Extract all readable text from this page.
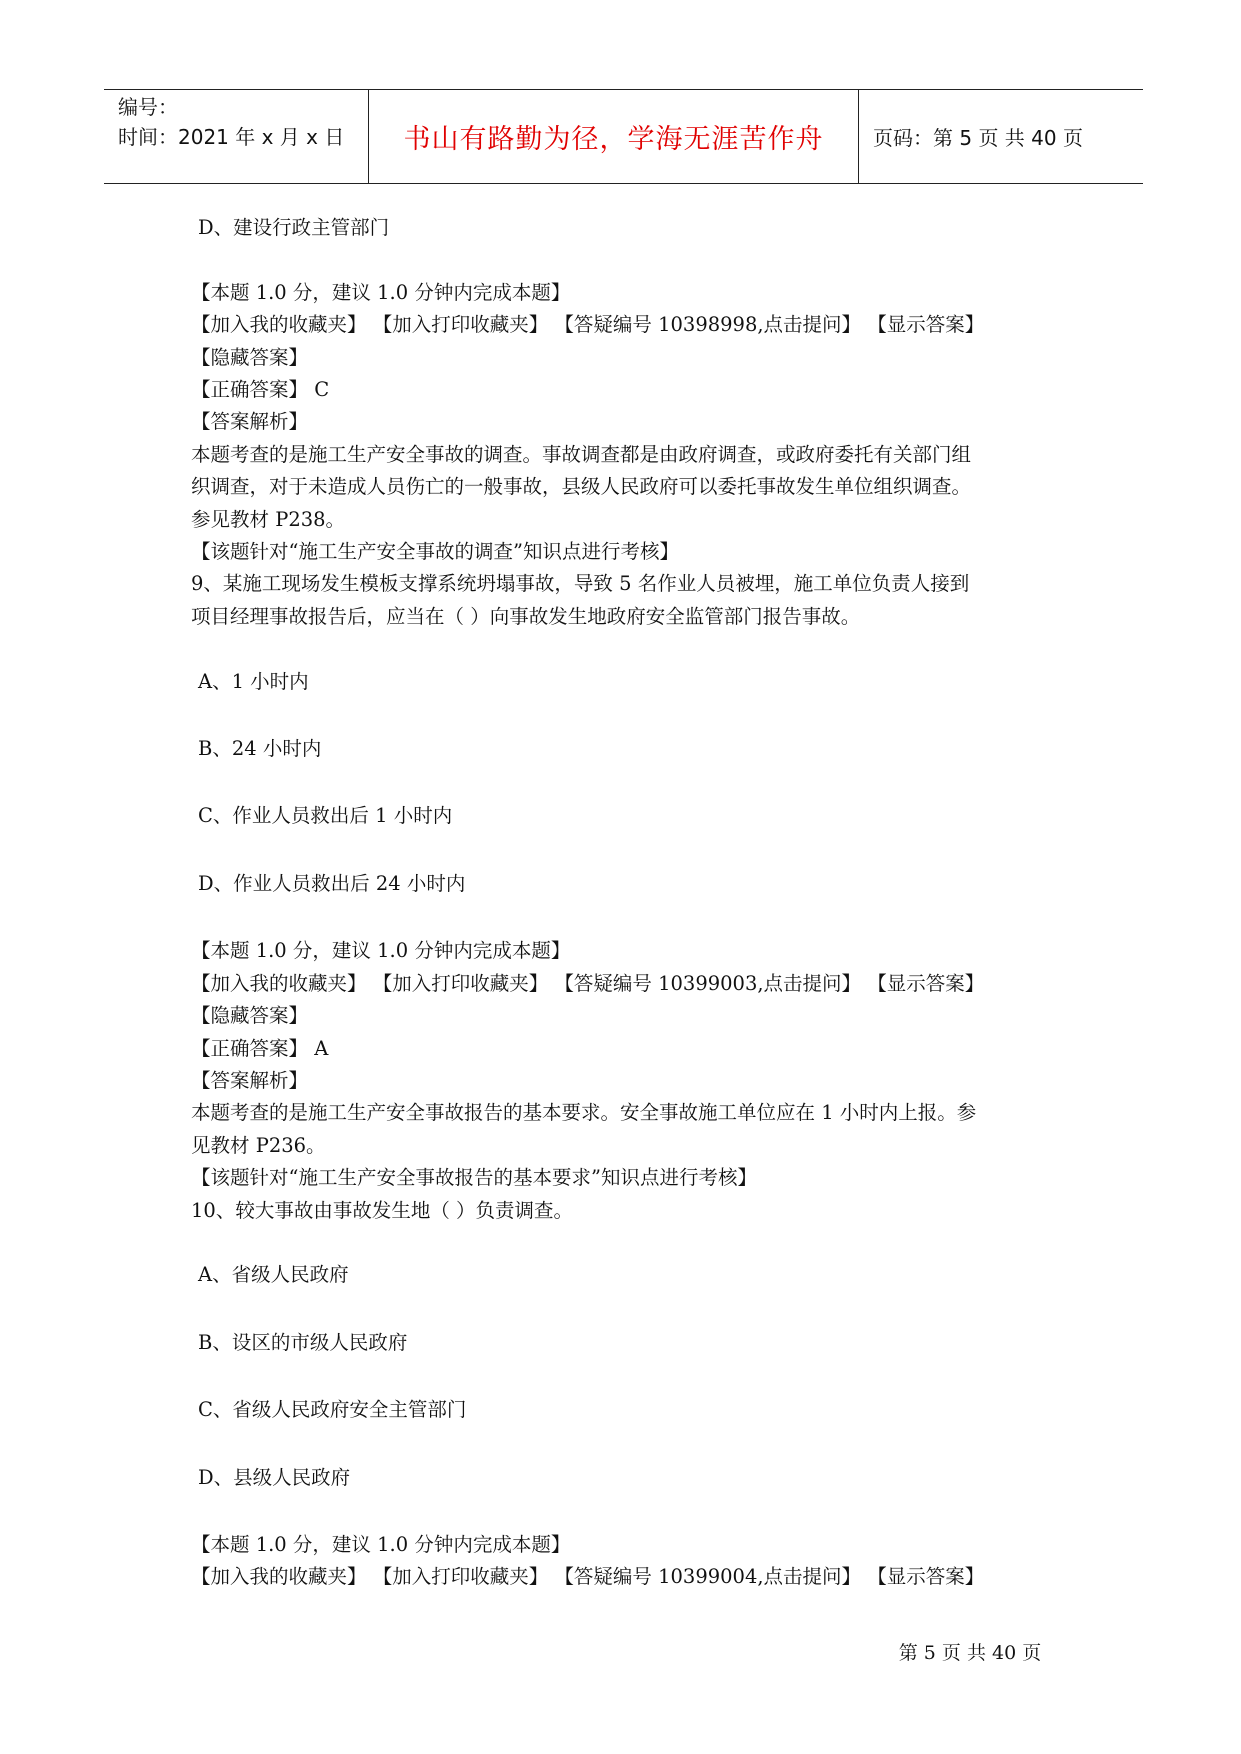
编号：
时间：2021 年 x 月 x 日	书山有路勤为径，学海无涯苦作舟 页码：第 5 页 共 40 页
D、建设行政主管部门
【本题 1.0 分，建议 1.0 分钟内完成本题】
【加入我的收藏夹】 【加入打印收藏夹】 【答疑编号 10398998,点击提问】 【显示答案】
【隐藏答案】
【正确答案】 C
【答案解析】
本题考查的是施工生产安全事故的调查。事故调查都是由政府调查，或政府委托有关部门组
织调查，对于未造成人员伤亡的一般事故，县级人民政府可以委托事故发生单位组织调查。
参见教材 P238。
【该题针对“施工生产安全事故的调查”知识点进行考核】
9、某施工现场发生模板支撑系统坍塌事故，导致 5 名作业人员被埋，施工单位负责人接到
项目经理事故报告后，应当在（ ）向事故发生地政府安全监管部门报告事故。
A、1 小时内
B、24 小时内
C、作业人员救出后 1 小时内
D、作业人员救出后 24 小时内
【本题 1.0 分，建议 1.0 分钟内完成本题】
【加入我的收藏夹】 【加入打印收藏夹】 【答疑编号 10399003,点击提问】 【显示答案】
【隐藏答案】
【正确答案】 A
【答案解析】
本题考查的是施工生产安全事故报告的基本要求。安全事故施工单位应在 1 小时内上报。参
见教材 P236。
【该题针对“施工生产安全事故报告的基本要求”知识点进行考核】
10、较大事故由事故发生地（ ）负责调查。
A、省级人民政府
B、设区的市级人民政府
C、省级人民政府安全主管部门
D、县级人民政府
【本题 1.0 分，建议 1.0 分钟内完成本题】
【加入我的收藏夹】 【加入打印收藏夹】 【答疑编号 10399004,点击提问】 【显示答案】
第 5 页 共 40 页
